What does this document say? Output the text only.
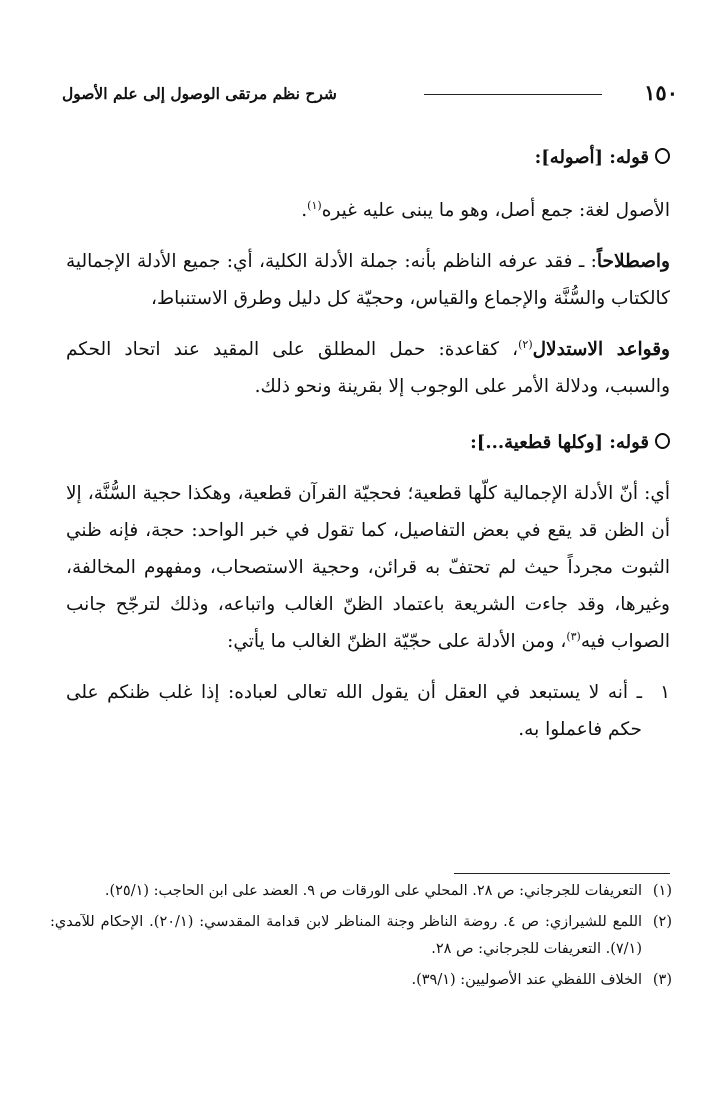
١٥٠
شرح نظم مرتقى الوصول إلى علم الأصول

قوله: [أصوله]:

الأصول لغة: جمع أصل، وهو ما يبنى عليه غيره$^{(١)}$.

واصطلاحاً: ـ فقد عرفه الناظم بأنه: جملة الأدلة الكلية، أي: جميع الأدلة الإجمالية كالكتاب والسُّنَّة والإجماع والقياس، وحجيّة كل دليل وطرق الاستنباط،

وقواعد الاستدلال$^{(٢)}$، كقاعدة: حمل المطلق على المقيد عند اتحاد الحكم والسبب، ودلالة الأمر على الوجوب إلا بقرينة ونحو ذلك.

قوله: [وكلها قطعية...]:

أي: أنّ الأدلة الإجمالية كلّها قطعية؛ فحجيّة القرآن قطعية، وهكذا حجية السُّنَّة، إلا أن الظن قد يقع في بعض التفاصيل، كما تقول في خبر الواحد: حجة، فإنه ظني الثبوت مجرداً حيث لم تحتفّ به قرائن، وحجية الاستصحاب، ومفهوم المخالفة، وغيرها، وقد جاءت الشريعة باعتماد الظنّ الغالب واتباعه، وذلك لترجّح جانب الصواب فيه$^{(٣)}$، ومن الأدلة على حجّيّة الظنّ الغالب ما يأتي:

١
ـ أنه لا يستبعد في العقل أن يقول الله تعالى لعباده: إذا غلب ظنكم على حكم فاعملوا به.

(١)
التعريفات للجرجاني: ص ٢٨. المحلي على الورقات ص ٩. العضد على ابن الحاجب: (٢٥/١).
(٢)
اللمع للشيرازي: ص ٤. روضة الناظر وجنة المناظر لابن قدامة المقدسي: (٢٠/١). الإحكام للآمدي: (٧/١). التعريفات للجرجاني: ص ٢٨.
(٣)
الخلاف اللفظي عند الأصوليين: (٣٩/١).
